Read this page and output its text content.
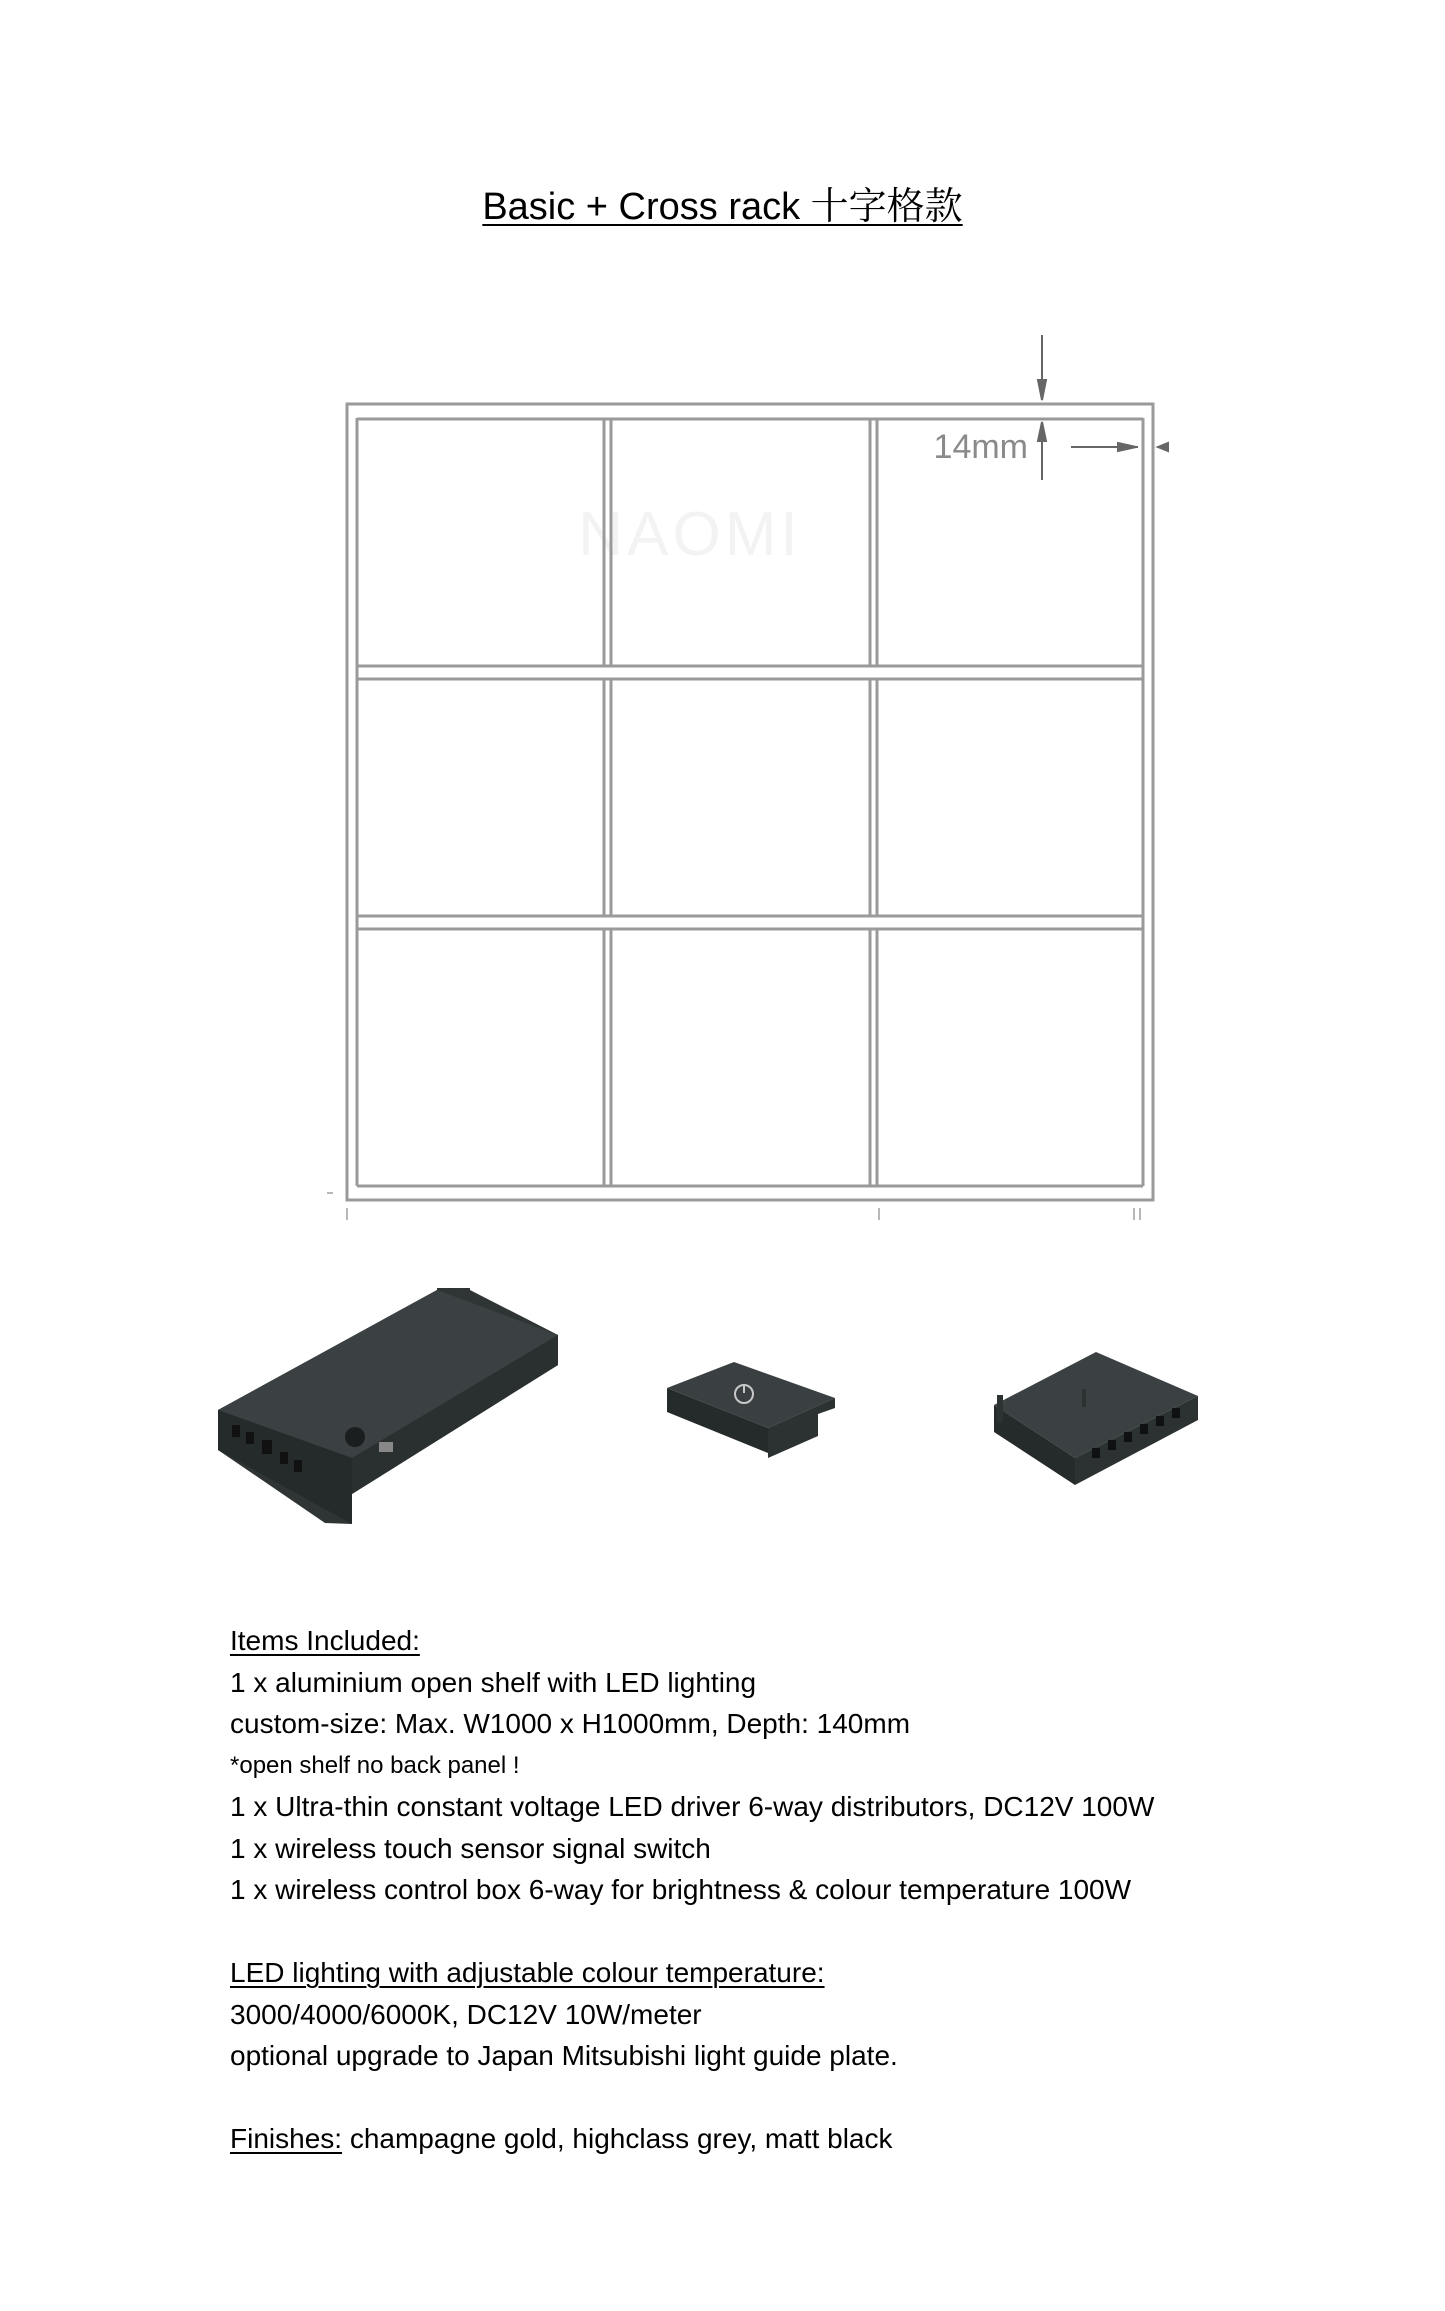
Basic + Cross rack 十字格款
NAOMI
14mm
Items Included:
1 x aluminium open shelf with LED lighting
custom-size: Max. W1000 x H1000mm, Depth: 140mm
*open shelf no back panel !
1 x Ultra-thin constant voltage LED driver 6-way distributors, DC12V 100W
1 x wireless touch sensor signal switch
1 x wireless control box 6-way for brightness & colour temperature 100W
LED lighting with adjustable colour temperature:
3000/4000/6000K, DC12V 10W/meter
optional upgrade to Japan Mitsubishi light guide plate.
Finishes: champagne gold, highclass grey, matt black
